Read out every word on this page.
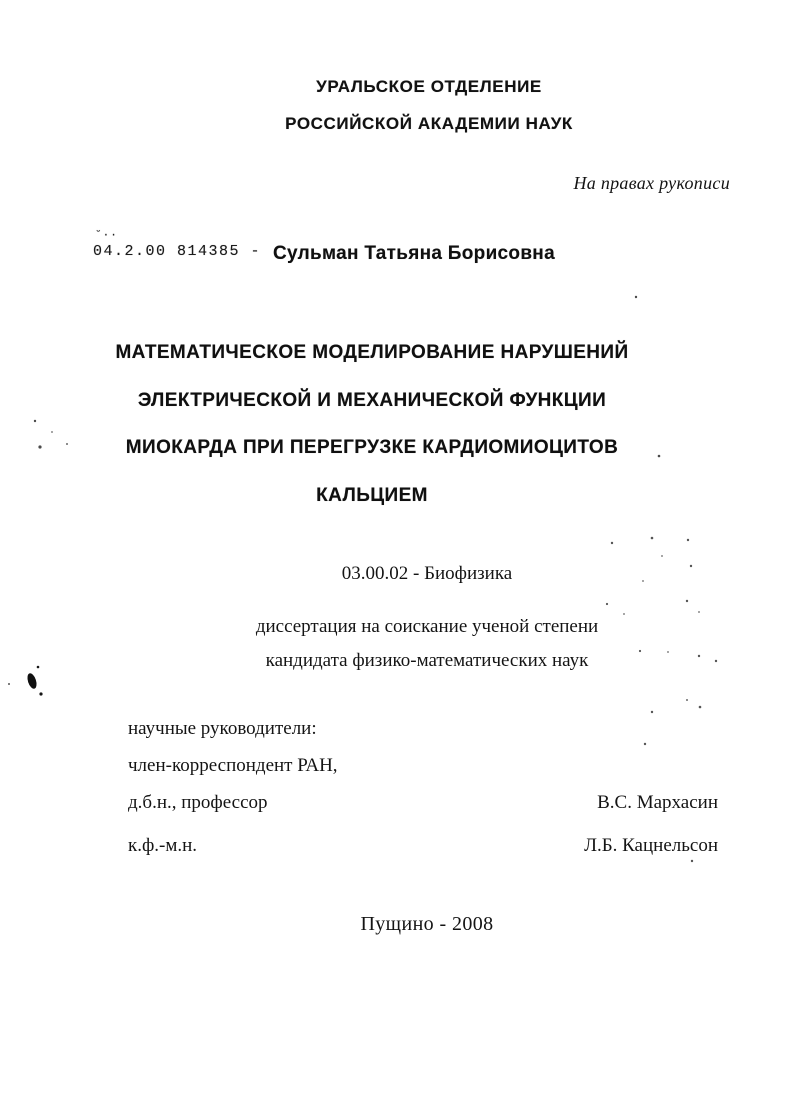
УРАЛЬСКОЕ ОТДЕЛЕНИЕ
РОССИЙСКОЙ АКАДЕМИИ НАУК
На правах рукописи
˘··
04.2.00 814385 - Сульман Татьяна Борисовна
МАТЕМАТИЧЕСКОЕ МОДЕЛИРОВАНИЕ НАРУШЕНИЙ
ЭЛЕКТРИЧЕСКОЙ И МЕХАНИЧЕСКОЙ ФУНКЦИИ
МИОКАРДА ПРИ ПЕРЕГРУЗКЕ КАРДИОМИОЦИТОВ
КАЛЬЦИЕМ
03.00.02 - Биофизика
диссертация на соискание ученой степени
кандидата физико-математических наук
научные руководители:
член-корреспондент РАН,
д.б.н., профессор	В.С. Мархасин
к.ф.-м.н.	Л.Б. Кацнельсон
Пущино - 2008
